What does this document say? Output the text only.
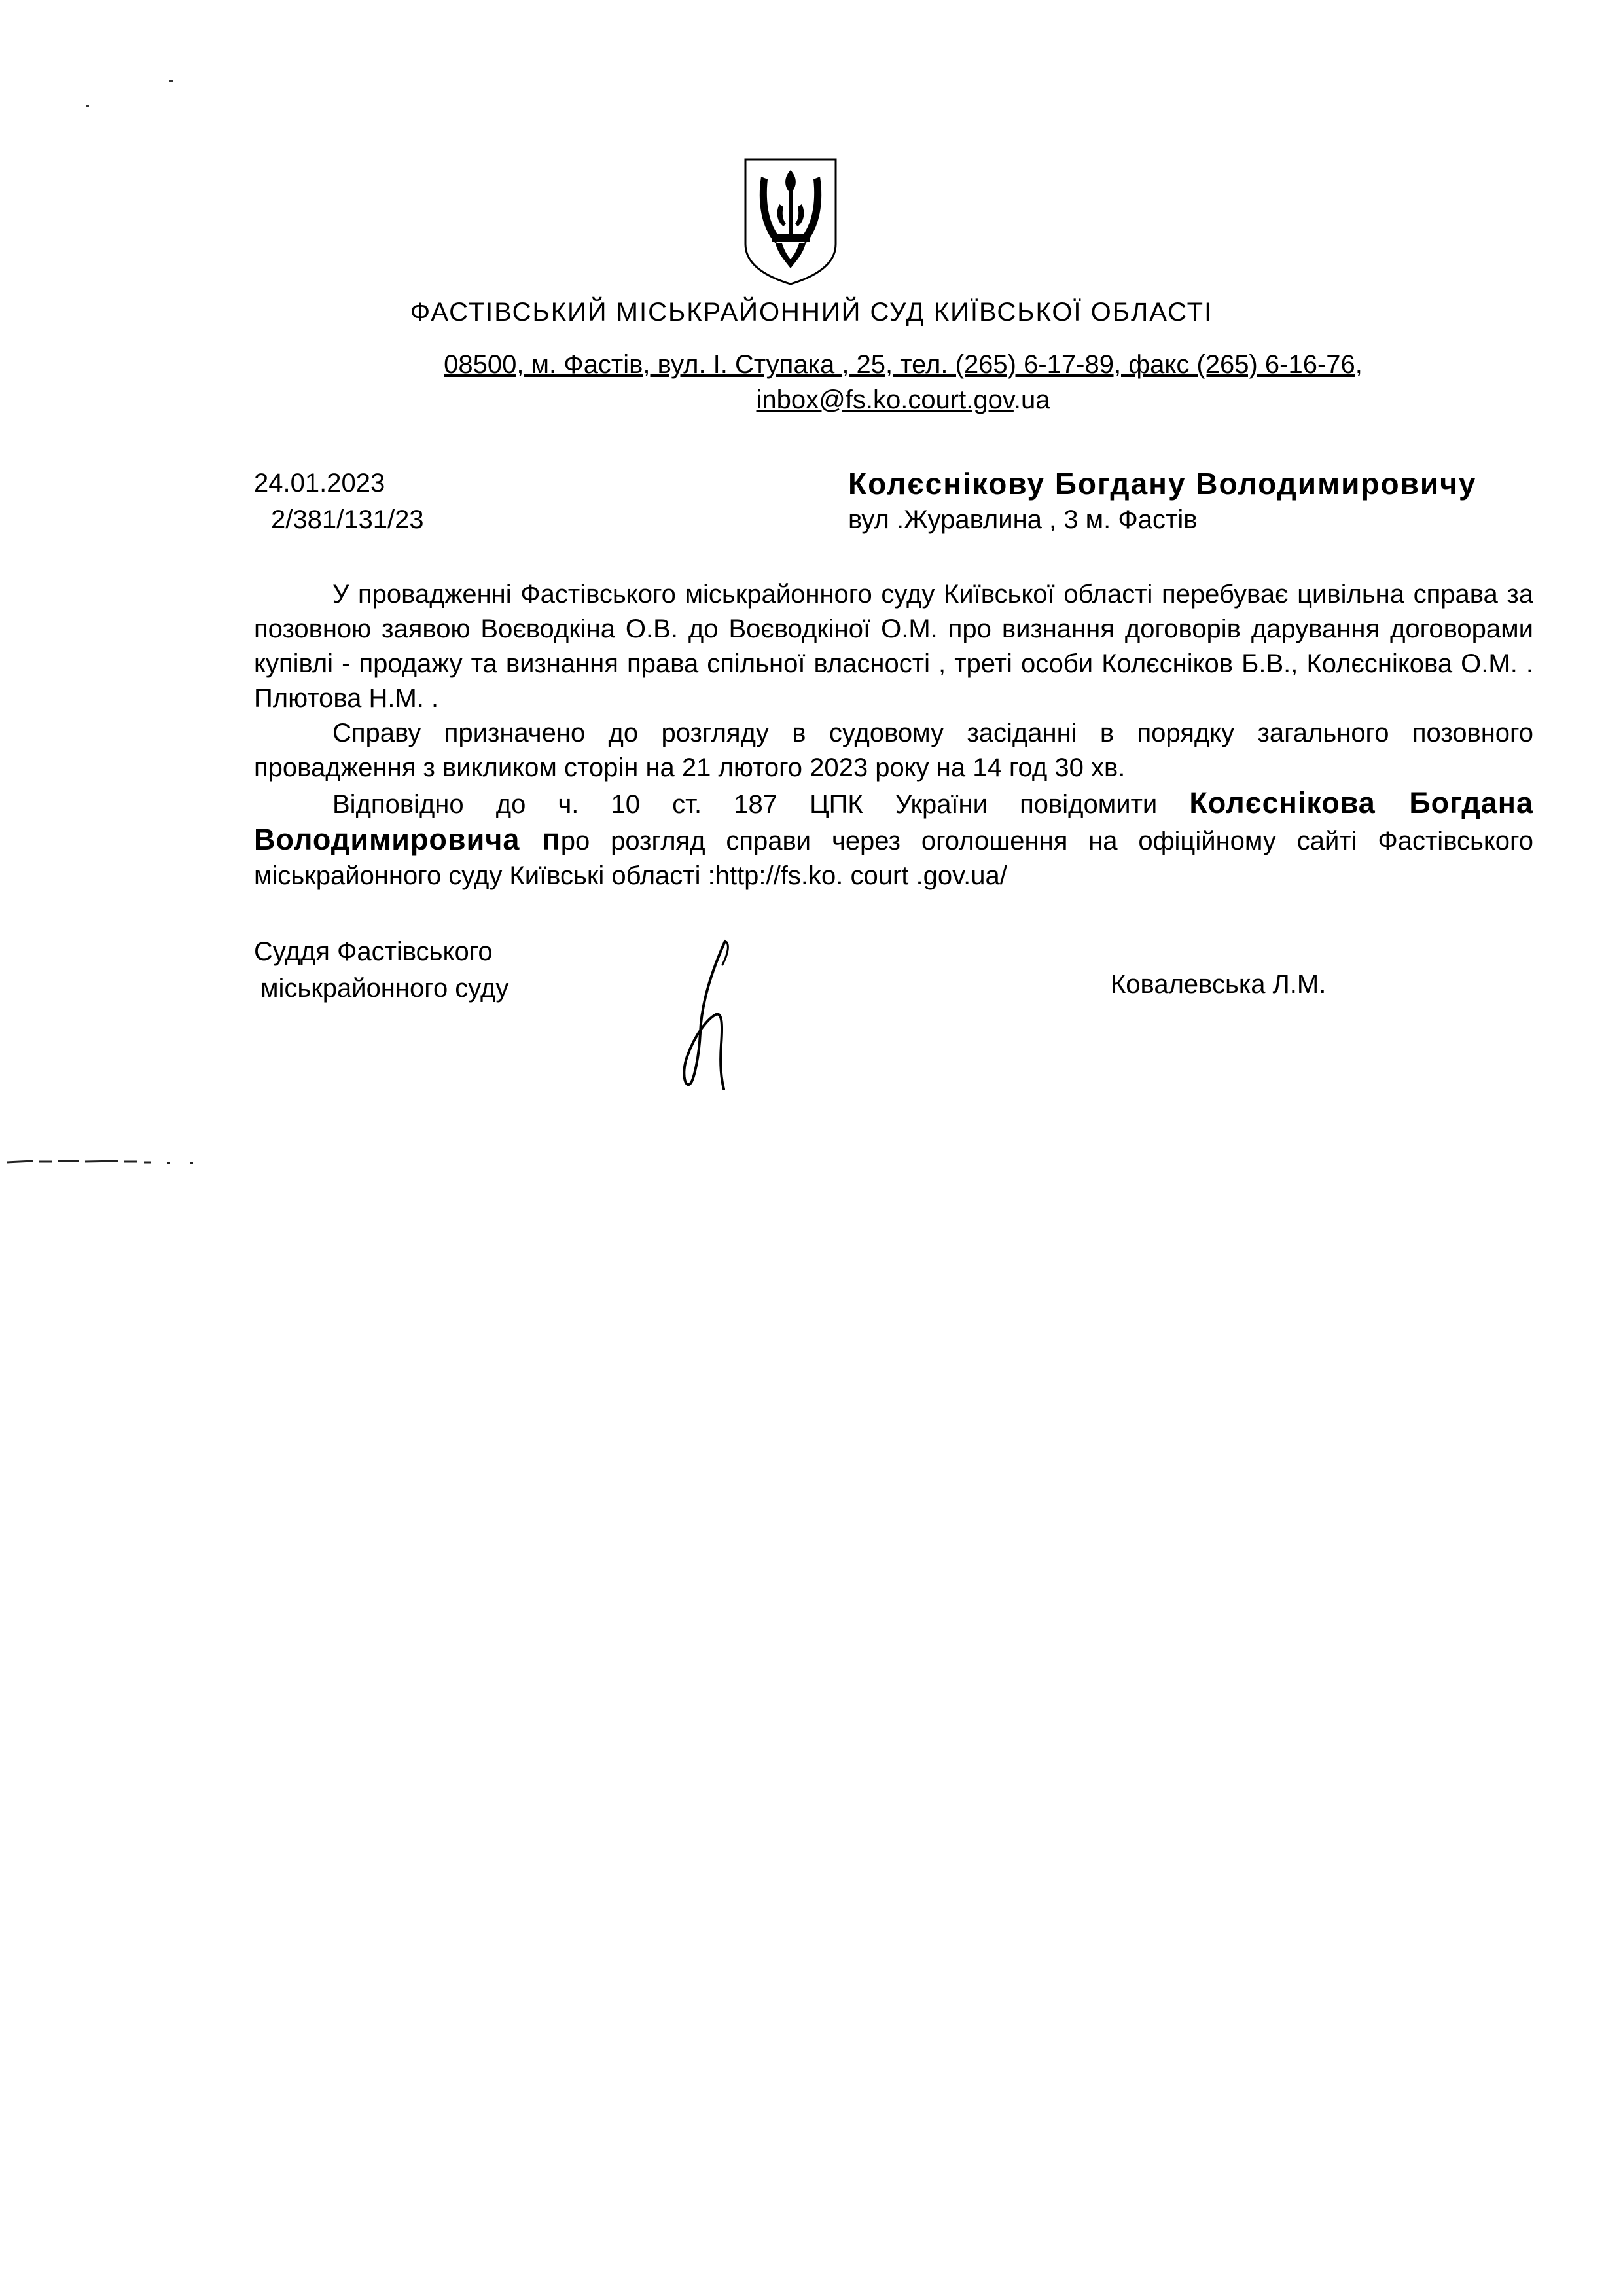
ФАСТІВСЬКИЙ МІСЬКРАЙОННИЙ СУД КИЇВСЬКОЇ ОБЛАСТІ
08500, м. Фастів, вул. І. Ступака , 25, тел. (265) 6-17-89, факс (265) 6-16-76,
inbox@fs.ko.court.gov.ua
24.01.2023
2/381/131/23
Колєснікову Богдану Володимировичу
вул .Журавлина , 3 м. Фастів

У провадженні Фастівського міськрайонного суду Київської області перебуває цивільна справа за позовною заявою Воєводкіна О.В. до Воєводкіної О.М. про визнання договорів дарування договорами купівлі - продажу та визнання права спільної власності , треті особи Колєсніков Б.В., Колєснікова О.М. . Плютова Н.М. .

Справу призначено до розгляду в судовому засіданні в порядку загального позовного провадження з викликом сторін на 21 лютого 2023 року на 14 год 30 хв.

Відповідно до ч. 10 ст. 187 ЦПК України повідомити Колєснікова Богдана Володимировича про розгляд справи через оголошення на офіційному сайті Фастівського міськрайонного суду Київські області :http://fs.ko. court .gov.ua/

Суддя Фастівського
міськрайонного суду	Ковалевська Л.М.
